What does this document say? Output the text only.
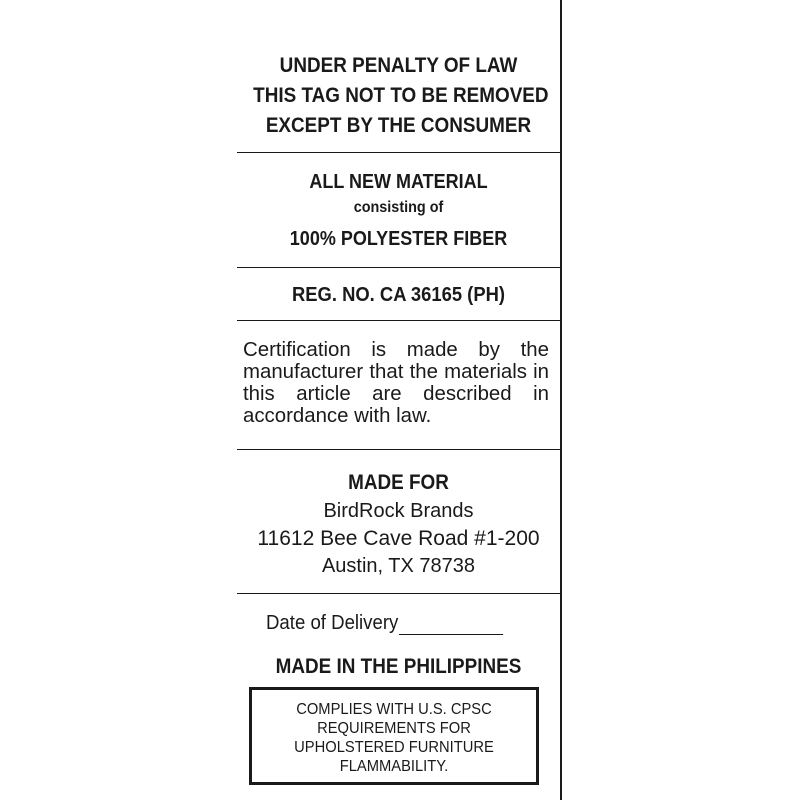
UNDER PENALTY OF LAW
THIS TAG NOT TO BE REMOVED
EXCEPT BY THE CONSUMER
ALL NEW MATERIAL
consisting of
100% POLYESTER FIBER
REG. NO. CA 36165 (PH)
Certification is made by the manufacturer that the materials in this article are described in accordance with law.
MADE FOR
BirdRock Brands
11612 Bee Cave Road #1-200
Austin, TX 78738
Date of Delivery
MADE IN THE PHILIPPINES
COMPLIES WITH U.S. CPSC
REQUIREMENTS FOR
UPHOLSTERED FURNITURE
FLAMMABILITY.
